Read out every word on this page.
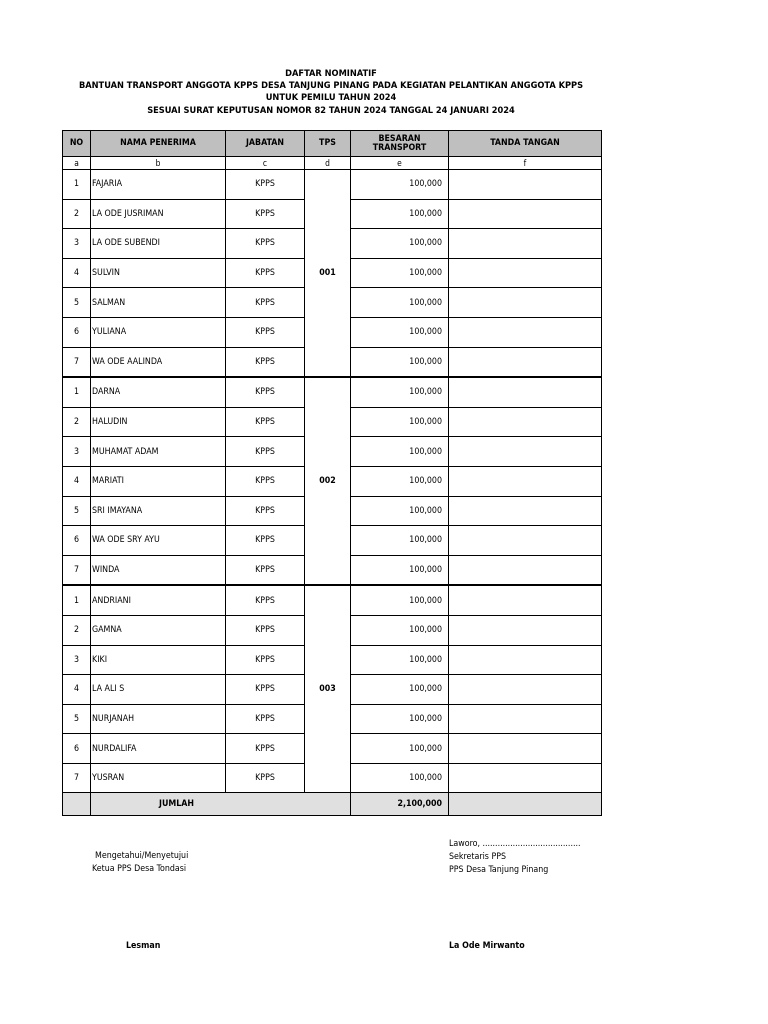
DAFTAR NOMINATIF
BANTUAN TRANSPORT ANGGOTA KPPS DESA TANJUNG PINANG PADA KEGIATAN PELANTIKAN ANGGOTA KPPS
UNTUK PEMILU TAHUN 2024
SESUAI SURAT KEPUTUSAN NOMOR 82 TAHUN 2024 TANGGAL 24 JANUARI 2024
NO	NAMA PENERIMA	JABATAN	TPS	BESARAN TRANSPORT	TANDA TANGAN
a	b	c	d	e	f
1	FAJARIA	KPPS	001	100,000	
2	LA ODE JUSRIMAN	KPPS		100,000	
3	LA ODE SUBENDI	KPPS		100,000	
4	SULVIN	KPPS		100,000	
5	SALMAN	KPPS		100,000	
6	YULIANA	KPPS		100,000	
7	WA ODE AALINDA	KPPS		100,000	
1	DARNA	KPPS	002	100,000	
2	HALUDIN	KPPS		100,000	
3	MUHAMAT ADAM	KPPS		100,000	
4	MARIATI	KPPS		100,000	
5	SRI IMAYANA	KPPS		100,000	
6	WA ODE SRY AYU	KPPS		100,000	
7	WINDA	KPPS		100,000	
1	ANDRIANI	KPPS	003	100,000	
2	GAMNA	KPPS		100,000	
3	KIKI	KPPS		100,000	
4	LA ALI S	KPPS		100,000	
5	NURJANAH	KPPS		100,000	
6	NURDALIFA	KPPS		100,000	
7	YUSRAN	KPPS		100,000	
	JUMLAH			2,100,000	
Mengetahui/Menyetujui
Ketua PPS Desa Tondasi
Lesman
Laworo, .......................................
Sekretaris PPS
PPS Desa Tanjung Pinang
La Ode Mirwanto
